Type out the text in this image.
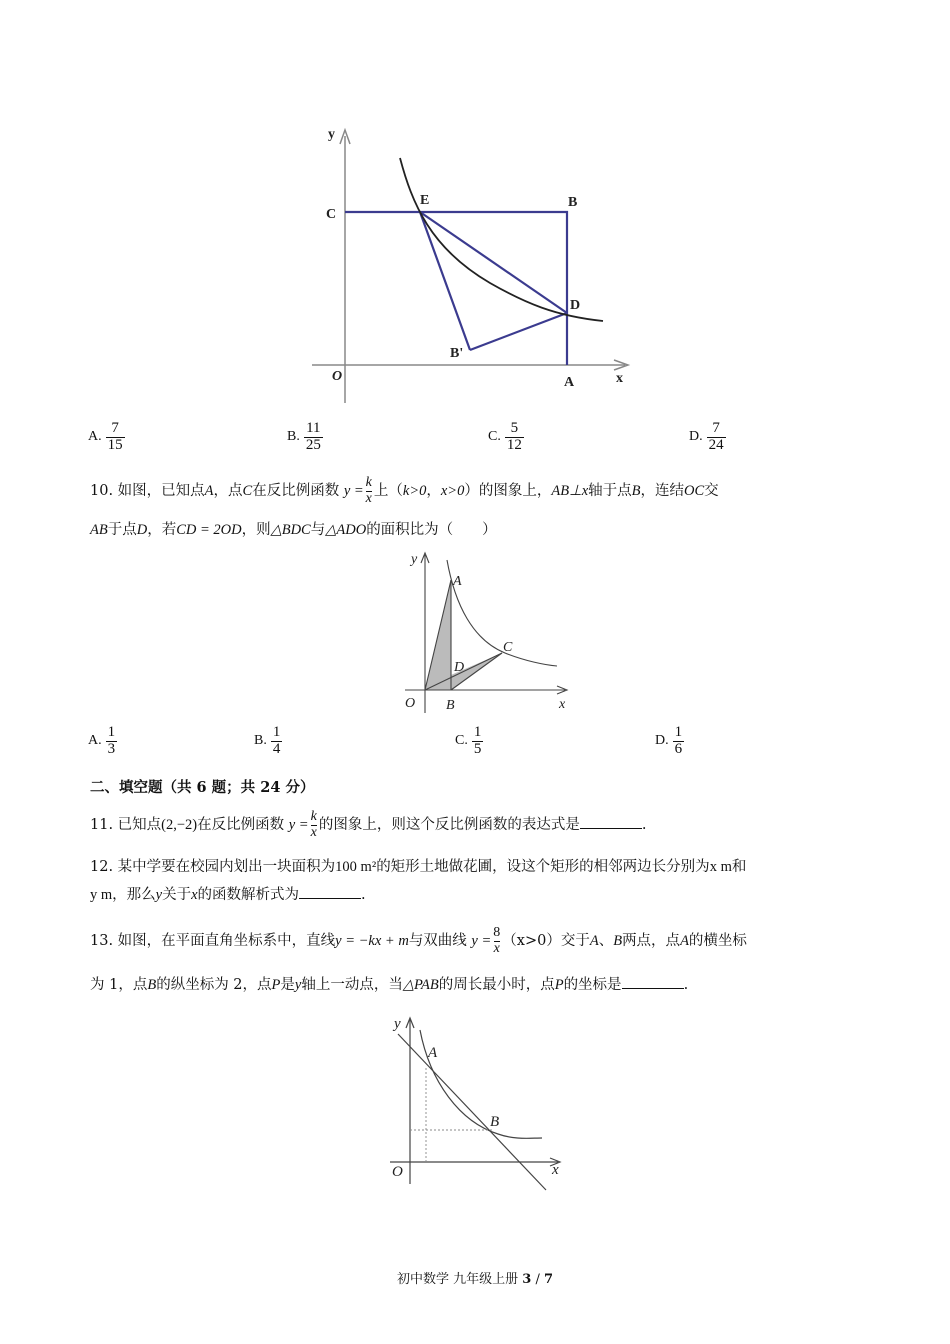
y
x
O
C
E	B
D
B'
A
A. $\frac{7}{15}$	B. $\frac{11}{25}$	C. $\frac{5}{12}$	D. $\frac{7}{24}$
10. 如图，已知点A，点C在反比例函数 $y = \frac{k}{x}$ 上（k>0，x>0）的图象上，AB⊥x轴于点B，连结OC交
AB于点D，若CD = 2OD，则△BDC与△ADO的面积比为（　　）
y
A
C
D
O B	x
A. $\frac{1}{3}$	B. $\frac{1}{4}$	C. $\frac{1}{5}$	D. $\frac{1}{6}$
二、填空题（共 6 题；共 24 分）
11. 已知点(2,−2)在反比例函数 $y = \frac{k}{x}$ 的图象上，则这个反比例函数的表达式是	.
12. 某中学要在校园内划出一块面积为100 m²的矩形土地做花圃，设这个矩形的相邻两边长分别为x m和
y m，那么y关于x的函数解析式为	.
13. 如图，在平面直角坐标系中，直线y = −kx + m与双曲线 $y = \frac{8}{x} (x>0)$交于A、B两点，点A的横坐标
为 1，点B的纵坐标为 2，点P是y轴上一动点，当△PAB的周长最小时，点P的坐标是	.
y
A
B
O	x
初中数学 九年级上册 3 / 7
